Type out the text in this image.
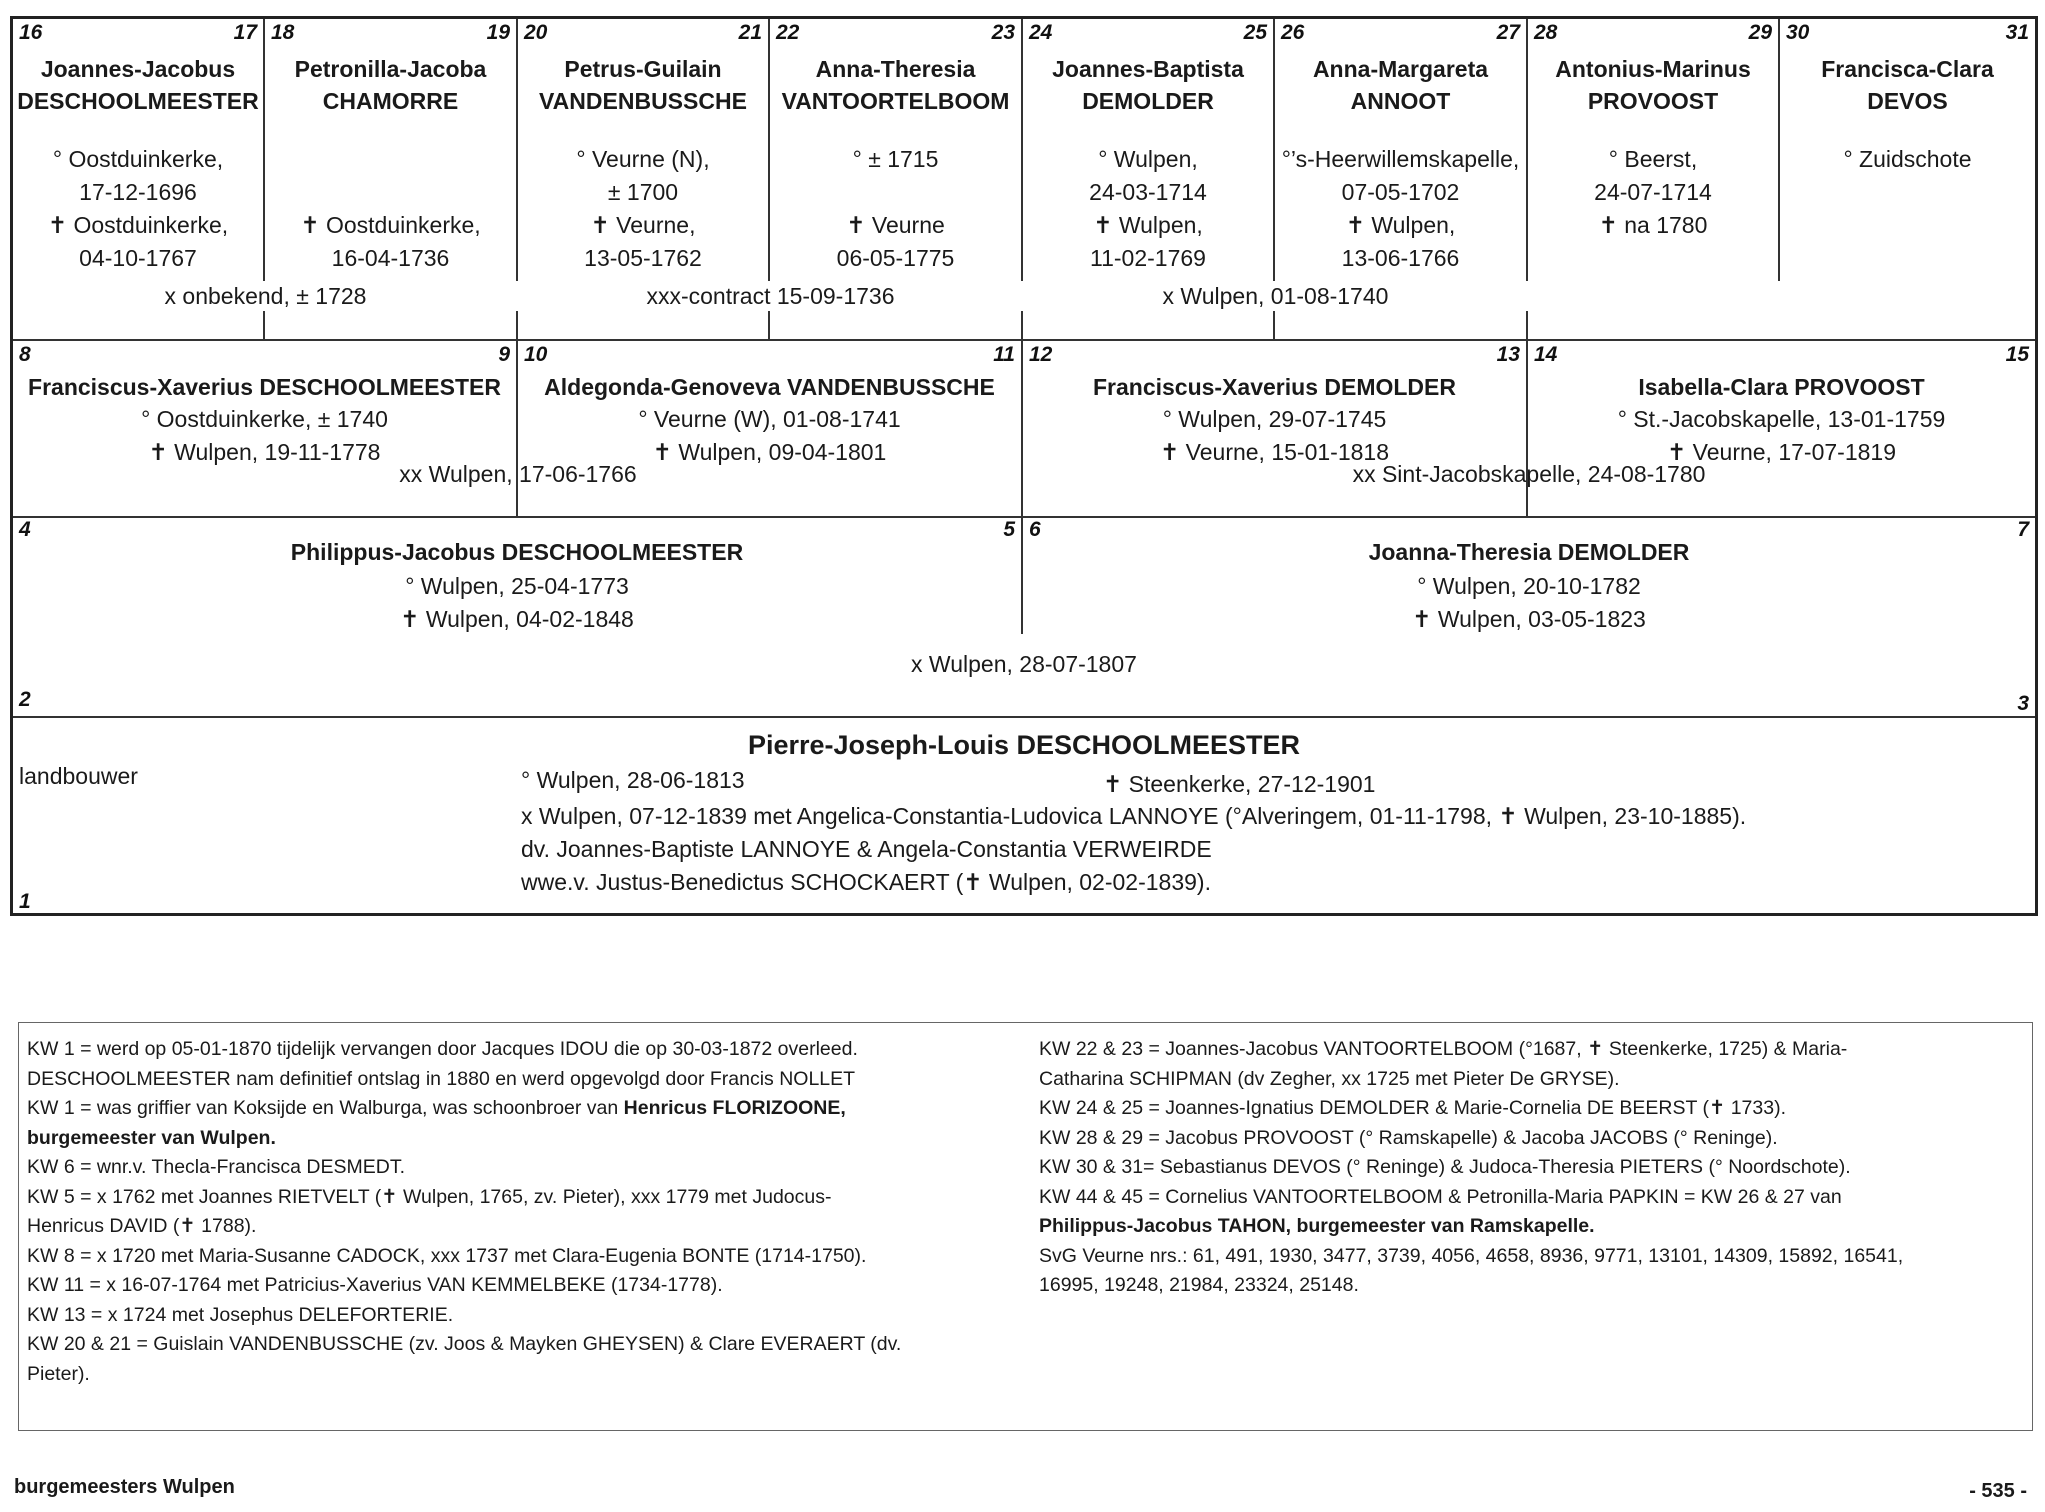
16	17
Joannes-Jacobus
DESCHOOLMEESTER
° Oostduinkerke,
17-12-1696
✝ Oostduinkerke,
04-10-1767
18	19
Petronilla-Jacoba
CHAMORRE
✝ Oostduinkerke,
16-04-1736
20	21
Petrus-Guilain
VANDENBUSSCHE
° Veurne (N),
± 1700
✝ Veurne,
13-05-1762
22	23
Anna-Theresia
VANTOORTELBOOM
° ± 1715
✝ Veurne
06-05-1775
24	25
Joannes-Baptista
DEMOLDER
° Wulpen,
24-03-1714
✝ Wulpen,
11-02-1769
26	27
Anna-Margareta
ANNOOT
°’s-Heerwillemskapelle,
07-05-1702
✝ Wulpen,
13-06-1766
28	29
Antonius-Marinus
PROVOOST
° Beerst,
24-07-1714
✝ na 1780
30	31
Francisca-Clara
DEVOS
° Zuidschote
x onbekend, ± 1728	xxx-contract 15-09-1736	x Wulpen, 01-08-1740
8	9
Franciscus-Xaverius DESCHOOLMEESTER
° Oostduinkerke, ± 1740
✝ Wulpen, 19-11-1778
10	11
Aldegonda-Genoveva VANDENBUSSCHE
° Veurne (W), 01-08-1741
✝ Wulpen, 09-04-1801
12	13
Franciscus-Xaverius DEMOLDER
° Wulpen, 29-07-1745
✝ Veurne, 15-01-1818
14	15
Isabella-Clara PROVOOST
° St.-Jacobskapelle, 13-01-1759
✝ Veurne, 17-07-1819
xx Wulpen, 17-06-1766	xx Sint-Jacobskapelle, 24-08-1780
4	5
Philippus-Jacobus DESCHOOLMEESTER
° Wulpen, 25-04-1773
✝ Wulpen, 04-02-1848
6	7
Joanna-Theresia DEMOLDER
° Wulpen, 20-10-1782
✝ Wulpen, 03-05-1823
x Wulpen, 28-07-1807
2	3
Pierre-Joseph-Louis DESCHOOLMEESTER
landbouwer	° Wulpen, 28-06-1813	✝ Steenkerke, 27-12-1901
x Wulpen, 07-12-1839 met Angelica-Constantia-Ludovica LANNOYE (°Alveringem, 01-11-1798, ✝ Wulpen, 23-10-1885).
dv. Joannes-Baptiste LANNOYE & Angela-Constantia VERWEIRDE
wwe.v. Justus-Benedictus SCHOCKAERT (✝ Wulpen, 02-02-1839).
1

KW 1 = werd op 05-01-1870 tijdelijk vervangen door Jacques IDOU die op 30-03-1872 overleed.

DESCHOOLMEESTER nam definitief ontslag in 1880 en werd opgevolgd door Francis NOLLET

KW 1 = was griffier van Koksijde en Walburga, was schoonbroer van Henricus FLORIZOONE,

burgemeester van Wulpen.

KW 6 = wnr.v. Thecla-Francisca DESMEDT.

KW 5 = x 1762 met Joannes RIETVELT (✝ Wulpen, 1765, zv. Pieter), xxx 1779 met Judocus-

Henricus DAVID (✝ 1788).

KW 8 = x 1720 met Maria-Susanne CADOCK, xxx 1737 met Clara-Eugenia BONTE (1714-1750).

KW 11 = x 16-07-1764 met Patricius-Xaverius VAN KEMMELBEKE (1734-1778).

KW 13 = x 1724 met Josephus DELEFORTERIE.

KW 20 & 21 = Guislain VANDENBUSSCHE (zv. Joos & Mayken GHEYSEN) & Clare EVERAERT (dv.

Pieter).

KW 22 & 23 = Joannes-Jacobus VANTOORTELBOOM (°1687, ✝ Steenkerke, 1725) & Maria-

Catharina SCHIPMAN (dv Zegher, xx 1725 met Pieter De GRYSE).

KW 24 & 25 = Joannes-Ignatius DEMOLDER & Marie-Cornelia DE BEERST (✝ 1733).

KW 28 & 29 = Jacobus PROVOOST (° Ramskapelle) & Jacoba JACOBS (° Reninge).

KW 30 & 31= Sebastianus DEVOS (° Reninge) & Judoca-Theresia PIETERS (° Noordschote).

KW 44 & 45 = Cornelius VANTOORTELBOOM & Petronilla-Maria PAPKIN = KW 26 & 27 van

Philippus-Jacobus TAHON, burgemeester van Ramskapelle.

SvG Veurne nrs.: 61, 491, 1930, 3477, 3739, 4056, 4658, 8936, 9771, 13101, 14309, 15892, 16541,

16995, 19248, 21984, 23324, 25148.

burgemeesters Wulpen	- 535 -
